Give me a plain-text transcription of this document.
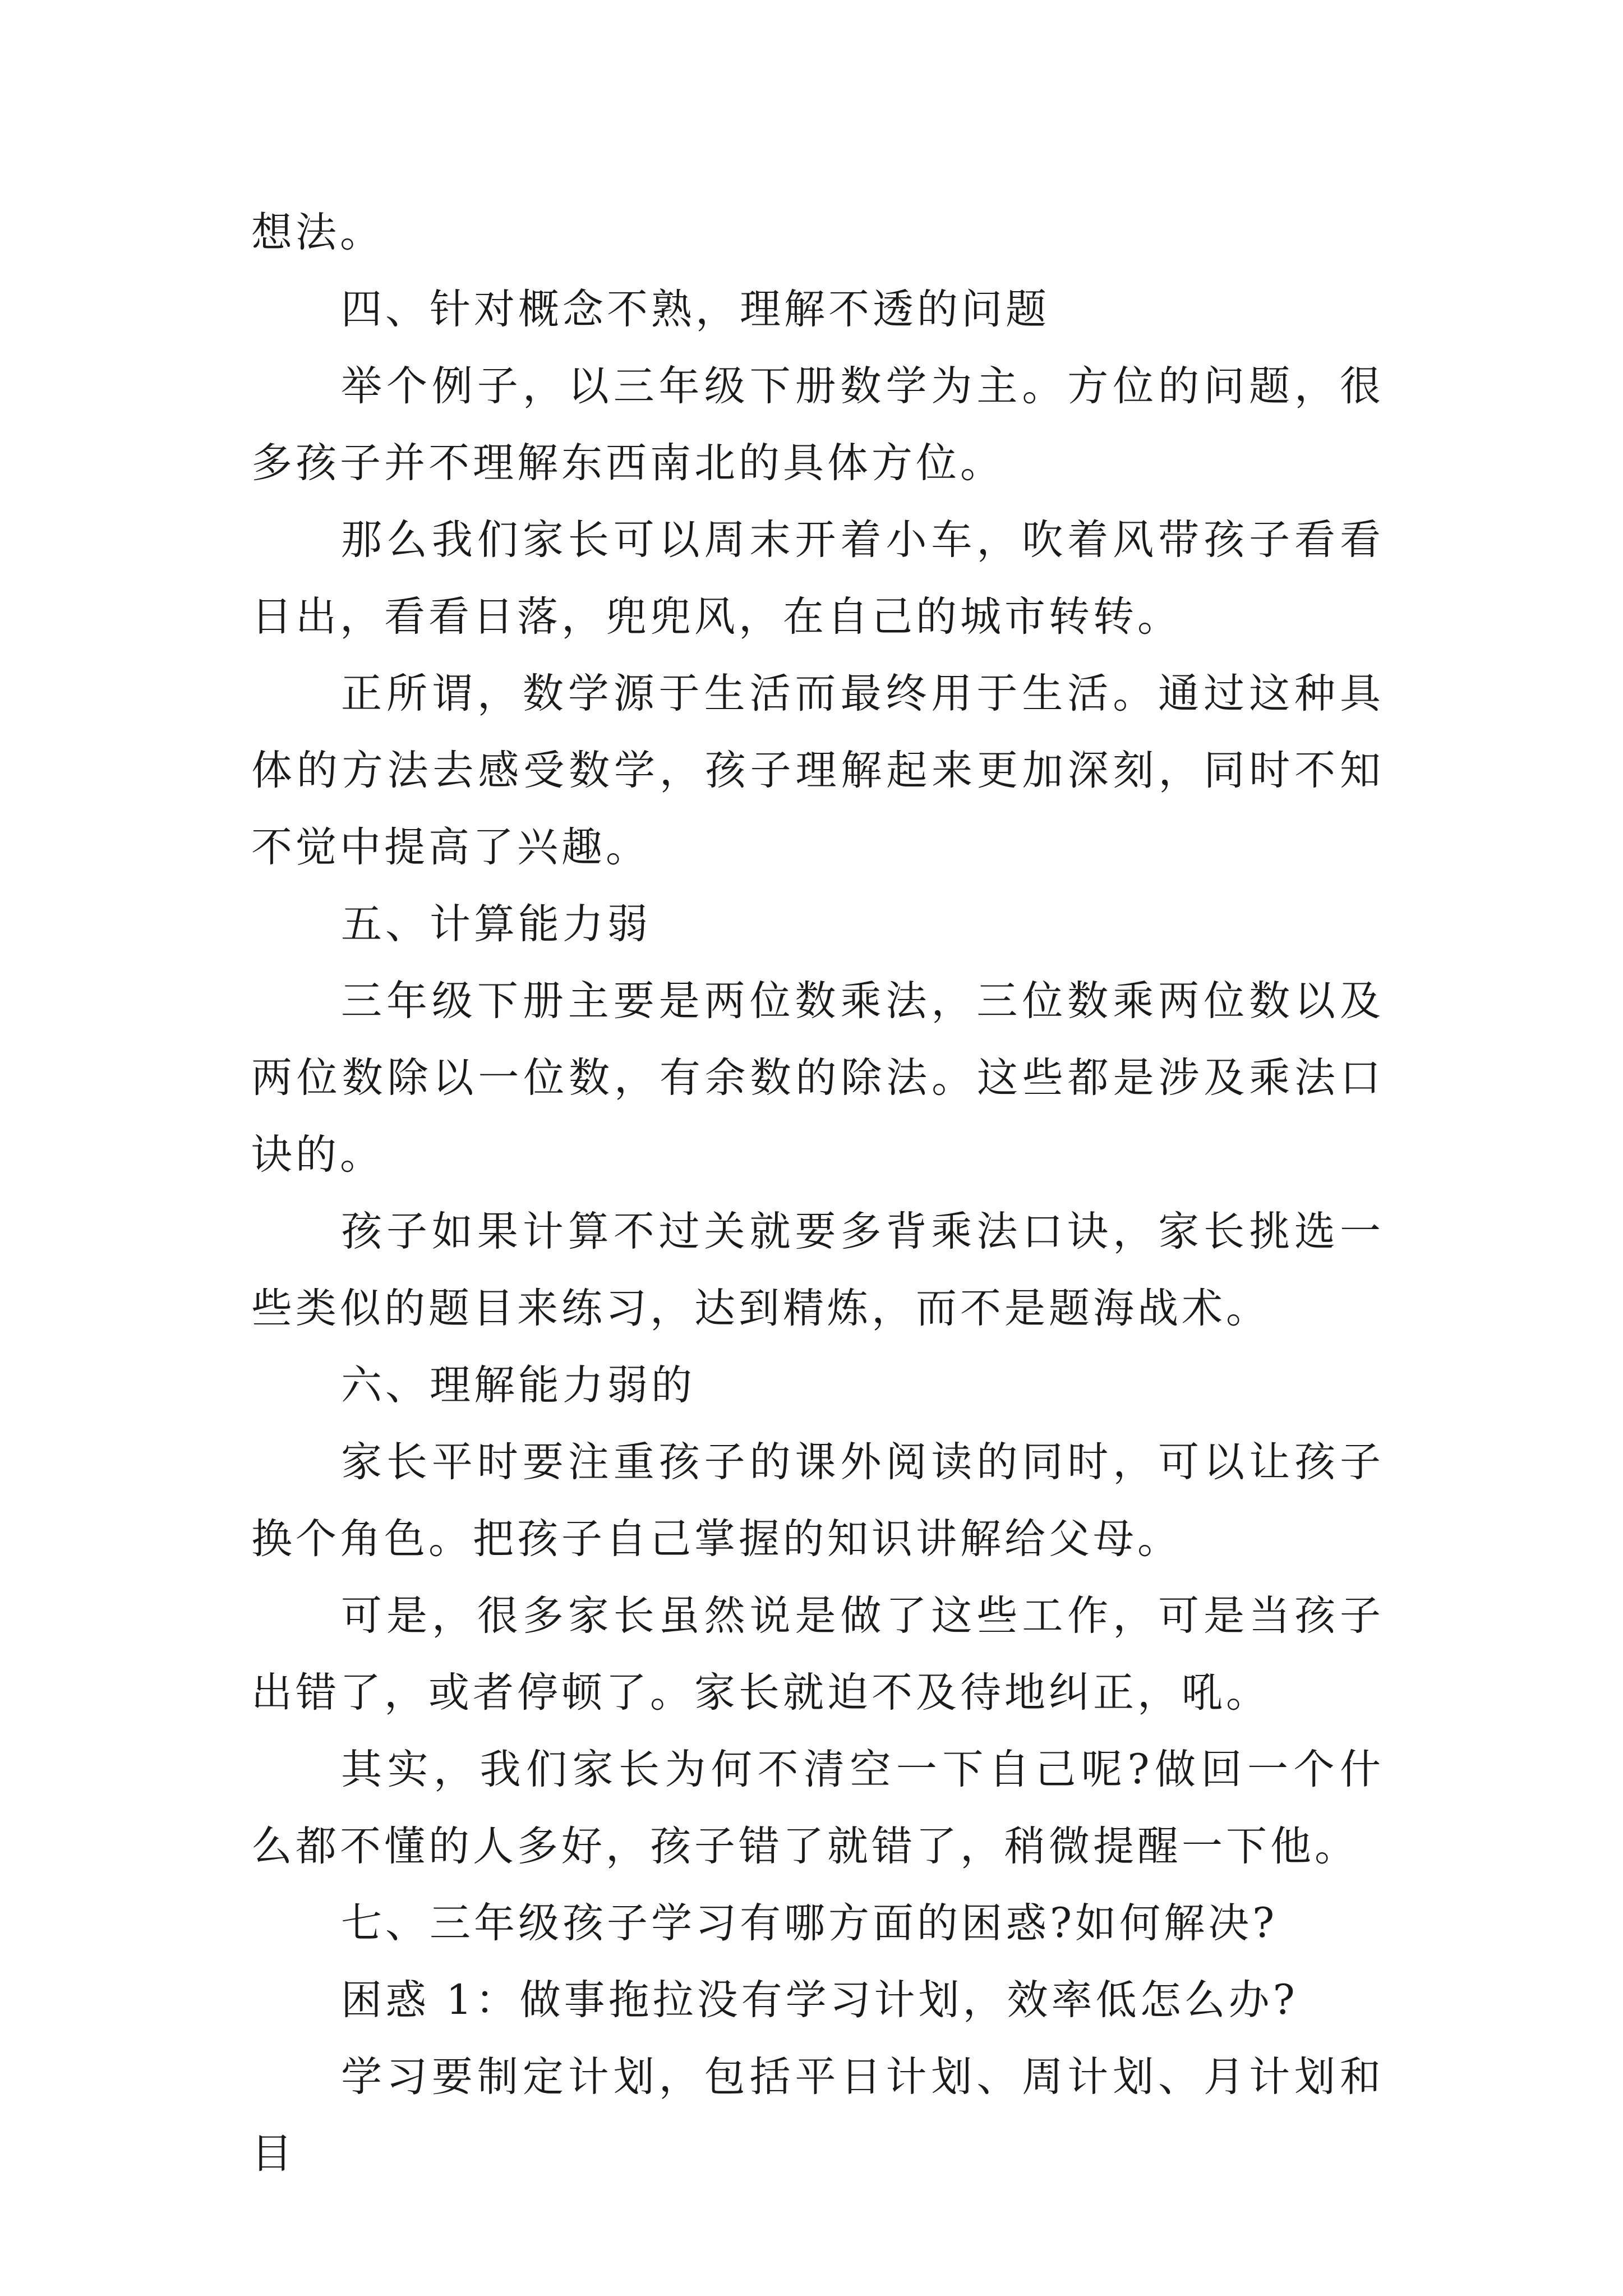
想法。

四、针对概念不熟，理解不透的问题

举个例子，以三年级下册数学为主。方位的问题，很多孩子并不理解东西南北的具体方位。

那么我们家长可以周末开着小车，吹着风带孩子看看日出，看看日落，兜兜风，在自己的城市转转。

正所谓，数学源于生活而最终用于生活。通过这种具体的方法去感受数学，孩子理解起来更加深刻，同时不知不觉中提高了兴趣。

五、计算能力弱

三年级下册主要是两位数乘法，三位数乘两位数以及两位数除以一位数，有余数的除法。这些都是涉及乘法口诀的。

孩子如果计算不过关就要多背乘法口诀，家长挑选一些类似的题目来练习，达到精炼，而不是题海战术。

六、理解能力弱的

家长平时要注重孩子的课外阅读的同时，可以让孩子换个角色。把孩子自己掌握的知识讲解给父母。

可是，很多家长虽然说是做了这些工作，可是当孩子出错了，或者停顿了。家长就迫不及待地纠正，吼。

其实，我们家长为何不清空一下自己呢?做回一个什么都不懂的人多好，孩子错了就错了，稍微提醒一下他。

七、三年级孩子学习有哪方面的困惑?如何解决?

困惑 1：做事拖拉没有学习计划，效率低怎么办?

学习要制定计划，包括平日计划、周计划、月计划和目
